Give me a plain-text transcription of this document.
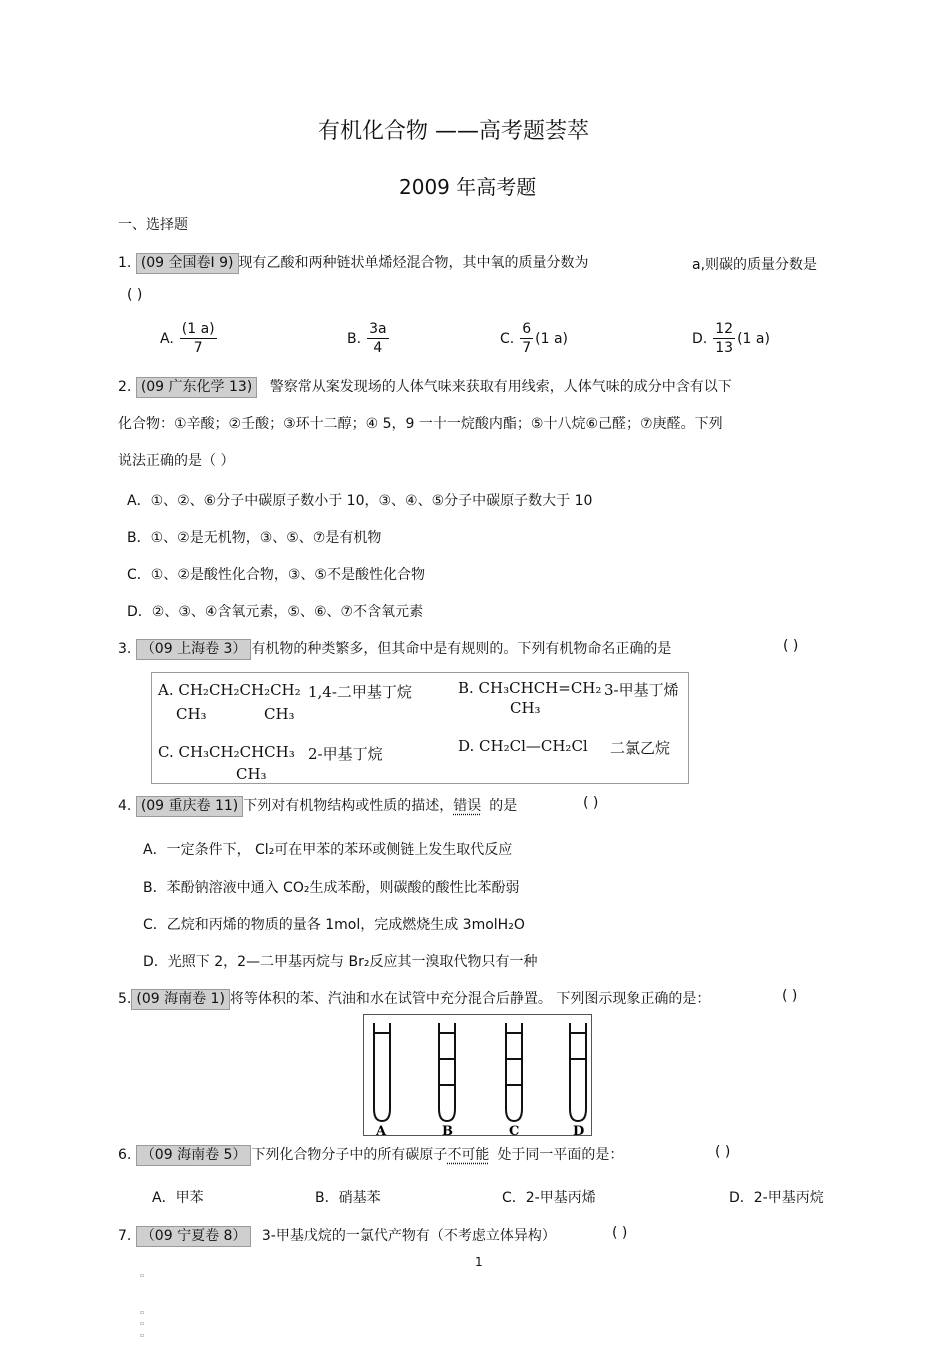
有机化合物 ——高考题荟萃
2009 年高考题
一、选择题
1. (09 全国卷Ⅰ 9) 现有乙酸和两种链状单烯烃混合物，其中氧的质量分数为	a,则碳的质量分数是
( )
A. $\frac{(1 a)}{7}$	B. $\frac{3a}{4}$	C. $\frac{6}{7} (1$ a)	D. $\frac{12}{13} (1$ a)
2. (09 广东化学 13) 警察常从案发现场的人体气味来获取有用线索，人体气味的成分中含有以下
化合物：①辛酸；②壬酸；③环十二醇；④ 5，9 一十一烷酸内酯；⑤十八烷⑥己醛；⑦庚醛。下列
说法正确的是（ ）
A．①、②、⑥分子中碳原子数小于 10，③、④、⑤分子中碳原子数大于 10
B．①、②是无机物，③、⑤、⑦是有机物
C．①、②是酸性化合物，③、⑤不是酸性化合物
D．②、③、④含氧元素，⑤、⑥、⑦不含氧元素
3. （09 上海卷 3） 有机物的种类繁多，但其命中是有规则的。下列有机物命名正确的是	( )
A. CH₂CH₂CH₂CH₂
CH₃	CH₃
1,4-二甲基丁烷	B. CH₃CHCH=CH₂
CH₃
3-甲基丁烯
C. CH₃CH₂CHCH₃
CH₃
2-甲基丁烷	D. CH₂Cl—CH₂Cl 二氯乙烷
4. (09 重庆卷 11) 下列对有机物结构或性质的描述，错误 的是	( )
A．一定条件下， Cl₂可在甲苯的苯环或侧链上发生取代反应
B．苯酚钠溶液中通入 CO₂生成苯酚，则碳酸的酸性比苯酚弱
C．乙烷和丙烯的物质的量各 1mol，完成燃烧生成 3molH₂O
D．光照下 2，2—二甲基丙烷与 Br₂反应其一溴取代物只有一种
5. (09 海南卷 1) 将等体积的苯、汽油和水在试管中充分混合后静置。 下列图示现象正确的是：	( )
A	B	C	D
6. （09 海南卷 5） 下列化合物分子中的所有碳原子不可能 处于同一平面的是：	( )
A．甲苯	B．硝基苯	C．2-甲基丙烯	D．2-甲基丙烷
7. （09 宁夏卷 8） 3-甲基戊烷的一氯代产物有（不考虑立体异构）	( )
1
▫
▫
▫
▫
